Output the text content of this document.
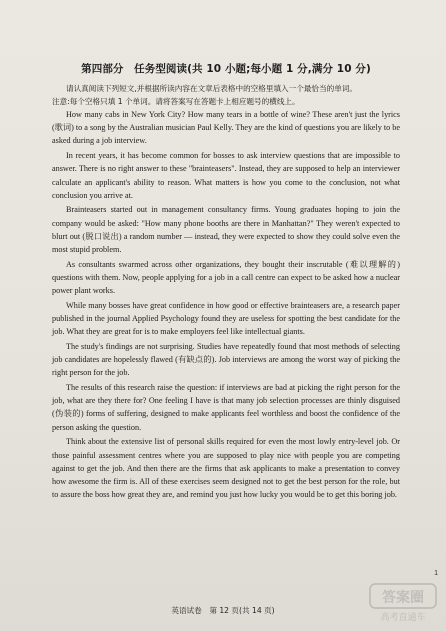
第四部分　任务型阅读(共 10 小题;每小题 1 分,满分 10 分)

请认真阅读下列短文,并根据所读内容在文章后表格中的空格里填入一个最恰当的单词。

注意:每个空格只填 1 个单词。请将答案写在答题卡上相应题号的横线上。

How many cabs in New York City? How many tears in a bottle of wine? These aren't just the lyrics (歌词) to a song by the Australian musician Paul Kelly. They are the kind of questions you are likely to be asked during a job interview.

In recent years, it has become common for bosses to ask interview questions that are impossible to answer. There is no right answer to these "brainteasers". Instead, they are supposed to help an interviewer calculate an applicant's ability to reason. What matters is how you come to the conclusion, not what conclusion you arrive at.

Brainteasers started out in management consultancy firms. Young graduates hoping to join the company would be asked: "How many phone booths are there in Manhattan?" They weren't expected to blurt out (脱口说出) a random number — instead, they were expected to show they could solve even the most stupid problem.

As consultants swarmed across other organizations, they bought their inscrutable (难以理解的) questions with them. Now, people applying for a job in a call centre can expect to be asked how a nuclear power plant works.

While many bosses have great confidence in how good or effective brainteasers are, a research paper published in the journal Applied Psychology found they are useless for spotting the best candidate for the job. What they are great for is to make employers feel like intellectual giants.

The study's findings are not surprising. Studies have repeatedly found that most methods of selecting job candidates are hopelessly flawed (有缺点的). Job interviews are among the worst way of picking the right person for the job.

The results of this research raise the question: if interviews are bad at picking the right person for the job, what are they there for? One feeling I have is that many job selection processes are thinly disguised (伪装的) forms of suffering, designed to make applicants feel worthless and boost the confidence of the person asking the question.

Think about the extensive list of personal skills required for even the most lowly entry-level job. Or those painful assessment centres where you are supposed to play nice with people you are competing against to get the job. And then there are the firms that ask applicants to make a presentation to convey how awesome the firm is. All of these exercises seem designed not to get the best person for the role, but to assure the boss how great they are, and remind you just how lucky you would be to get this boring job.

1
英语试卷　第 12 页(共 14 页)
答案圈
高考直通车
